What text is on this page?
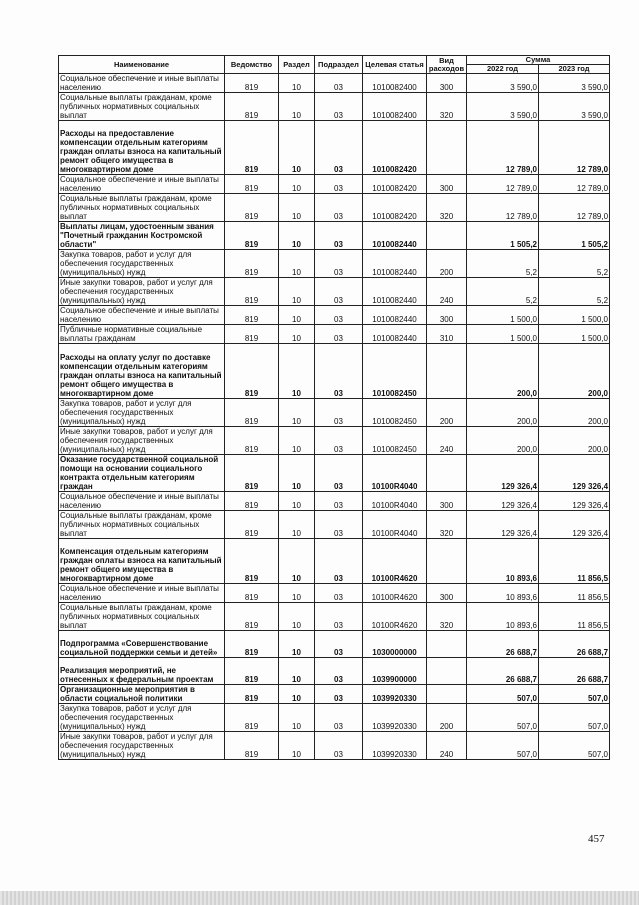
Наименование	Ведомство	Раздел	Подраздел	Целевая статья	Вид расходов	Сумма	
						2022 год	2023 год
Социальное обеспечение и иные выплаты населению	819	10	03	1010082400	300	3 590,0	3 590,0
Социальные выплаты гражданам, кроме публичных нормативных социальных выплат	819	10	03	1010082400	320	3 590,0	3 590,0
Расходы на предоставление компенсации отдельным категориям граждан оплаты взноса на капитальный ремонт общего имущества в многоквартирном доме	819	10	03	1010082420		12 789,0	12 789,0
Социальное обеспечение и иные выплаты населению	819	10	03	1010082420	300	12 789,0	12 789,0
Социальные выплаты гражданам, кроме публичных нормативных социальных выплат	819	10	03	1010082420	320	12 789,0	12 789,0
Выплаты лицам, удостоенным звания "Почетный гражданин Костромской области"	819	10	03	1010082440		1 505,2	1 505,2
Закупка товаров, работ и услуг для обеспечения государственных (муниципальных) нужд	819	10	03	1010082440	200	5,2	5,2
Иные закупки товаров, работ и услуг для обеспечения государственных (муниципальных) нужд	819	10	03	1010082440	240	5,2	5,2
Социальное обеспечение и иные выплаты населению	819	10	03	1010082440	300	1 500,0	1 500,0
Публичные нормативные социальные выплаты гражданам	819	10	03	1010082440	310	1 500,0	1 500,0
Расходы на оплату услуг по доставке компенсации отдельным категориям граждан оплаты взноса на капитальный ремонт общего имущества в многоквартирном доме	819	10	03	1010082450		200,0	200,0
Закупка товаров, работ и услуг для обеспечения государственных (муниципальных) нужд	819	10	03	1010082450	200	200,0	200,0
Иные закупки товаров, работ и услуг для обеспечения государственных (муниципальных) нужд	819	10	03	1010082450	240	200,0	200,0
Оказание государственной социальной помощи на основании социального контракта отдельным категориям граждан	819	10	03	10100R4040		129 326,4	129 326,4
Социальное обеспечение и иные выплаты населению	819	10	03	10100R4040	300	129 326,4	129 326,4
Социальные выплаты гражданам, кроме публичных нормативных социальных выплат	819	10	03	10100R4040	320	129 326,4	129 326,4
Компенсация отдельным категориям граждан оплаты взноса на капитальный ремонт общего имущества в многоквартирном доме	819	10	03	10100R4620		10 893,6	11 856,5
Социальное обеспечение и иные выплаты населению	819	10	03	10100R4620	300	10 893,6	11 856,5
Социальные выплаты гражданам, кроме публичных нормативных социальных выплат	819	10	03	10100R4620	320	10 893,6	11 856,5
Подпрограмма «Совершенствование социальной поддержки семьи и детей»	819	10	03	1030000000		26 688,7	26 688,7
Реализация мероприятий, не отнесенных к федеральным проектам	819	10	03	1039900000		26 688,7	26 688,7
Организационные мероприятия в области социальной политики	819	10	03	1039920330		507,0	507,0
Закупка товаров, работ и услуг для обеспечения государственных (муниципальных) нужд	819	10	03	1039920330	200	507,0	507,0
Иные закупки товаров, работ и услуг для обеспечения государственных (муниципальных) нужд	819	10	03	1039920330	240	507,0	507,0
457
